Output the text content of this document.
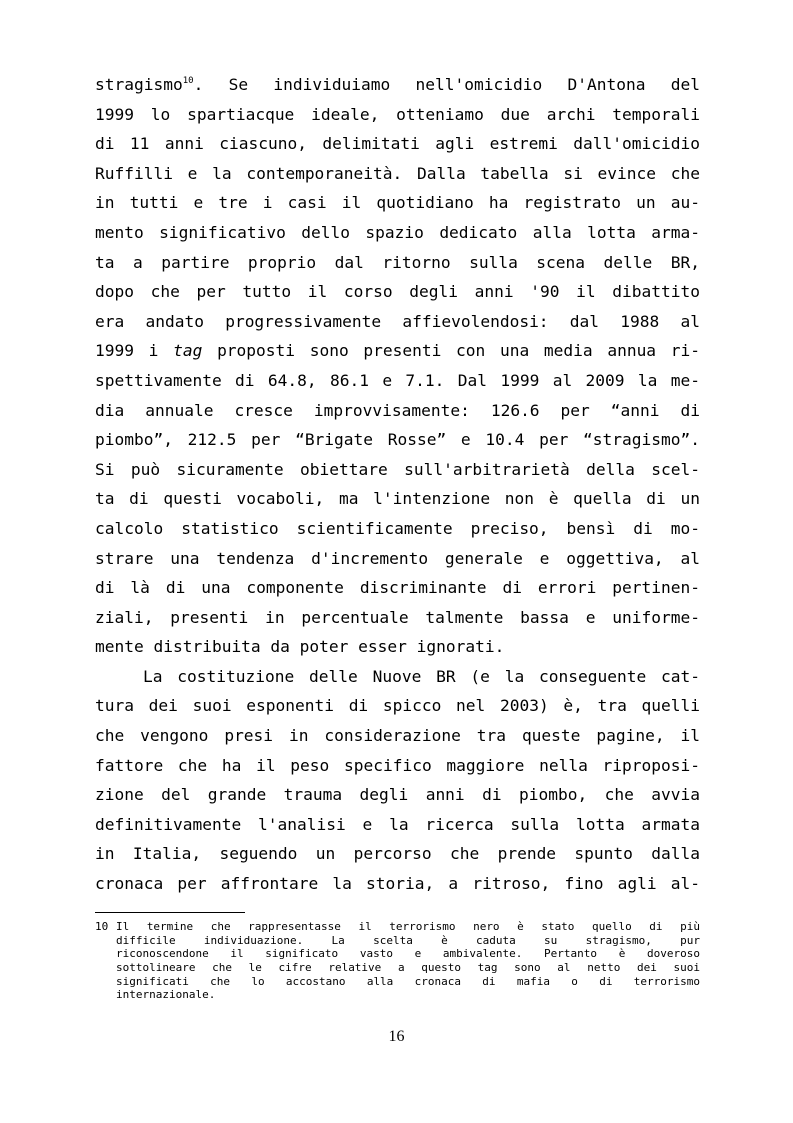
stragismo$^{10}$. Se individuiamo nell'omicidio D'Antona del
1999 lo spartiacque ideale, otteniamo due archi temporali
di 11 anni ciascuno, delimitati agli estremi dall'omicidio
Ruffilli e la contemporaneità. Dalla tabella si evince che
in tutti e tre i casi il quotidiano ha registrato un au-
mento significativo dello spazio dedicato alla lotta arma-
ta a partire proprio dal ritorno sulla scena delle BR,
dopo che per tutto il corso degli anni '90 il dibattito
era andato progressivamente affievolendosi: dal 1988 al
1999 i tag proposti sono presenti con una media annua ri-
spettivamente di 64.8, 86.1 e 7.1. Dal 1999 al 2009 la me-
dia annuale cresce improvvisamente: 126.6 per “anni di
piombo”, 212.5 per “Brigate Rosse” e 10.4 per “stragismo”.
Si può sicuramente obiettare sull'arbitrarietà della scel-
ta di questi vocaboli, ma l'intenzione non è quella di un
calcolo statistico scientificamente preciso, bensì di mo-
strare una tendenza d'incremento generale e oggettiva, al
di là di una componente discriminante di errori pertinen-
ziali, presenti in percentuale talmente bassa e uniforme-
mente distribuita da poter esser ignorati.
La costituzione delle Nuove BR (e la conseguente cat-
tura dei suoi esponenti di spicco nel 2003) è, tra quelli
che vengono presi in considerazione tra queste pagine, il
fattore che ha il peso specifico maggiore nella riproposi-
zione del grande trauma degli anni di piombo, che avvia
definitivamente l'analisi e la ricerca sulla lotta armata
in Italia, seguendo un percorso che prende spunto dalla
cronaca per affrontare la storia, a ritroso, fino agli al-
10 Il termine che rappresentasse il terrorismo nero è stato quello di più
difficile individuazione. La scelta è caduta su stragismo, pur
riconoscendone il significato vasto e ambivalente. Pertanto è doveroso
sottolineare che le cifre relative a questo tag sono al netto dei suoi
significati che lo accostano alla cronaca di mafia o di terrorismo
internazionale.
16
